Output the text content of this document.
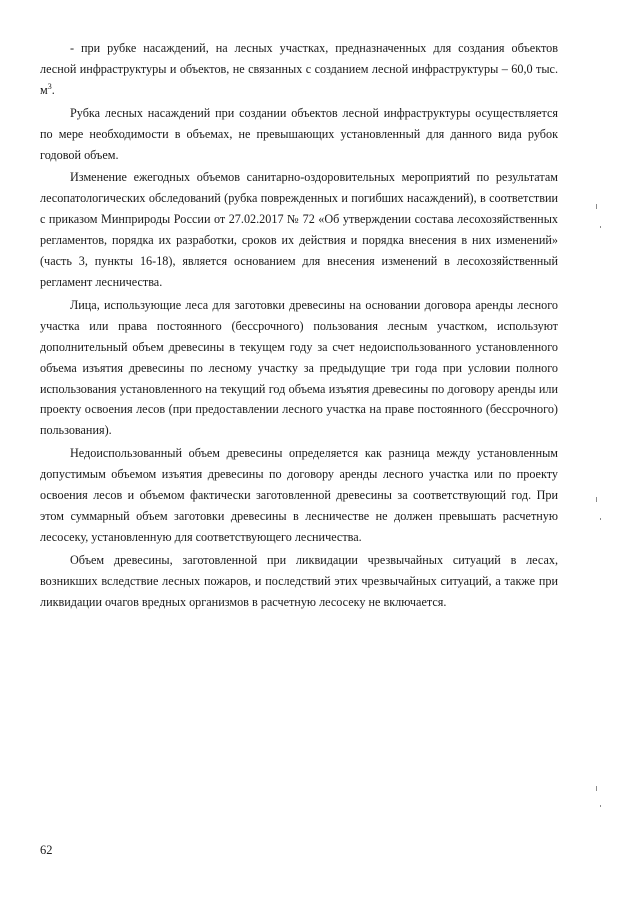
- при рубке насаждений, на лесных участках, предназначенных для создания объектов лесной инфраструктуры и объектов, не связанных с созданием лесной инфраструктуры – 60,0 тыс. $м^3$.

Рубка лесных насаждений при создании объектов лесной инфраструктуры осуществляется по мере необходимости в объемах, не превышающих установленный для данного вида рубок годовой объем.

Изменение ежегодных объемов санитарно-оздоровительных мероприятий по результатам лесопатологических обследований (рубка поврежденных и погибших насаждений), в соответствии с приказом Минприроды России от 27.02.2017 № 72 «Об утверждении состава лесохозяйственных регламентов, порядка их разработки, сроков их действия и порядка внесения в них изменений» (часть 3, пункты 16-18), является основанием для внесения изменений в лесохозяйственный регламент лесничества.

Лица, использующие леса для заготовки древесины на основании договора аренды лесного участка или права постоянного (бессрочного) пользования лесным участком, используют дополнительный объем древесины в текущем году за счет недоиспользованного установленного объема изъятия древесины по лесному участку за предыдущие три года при условии полного использования установленного на текущий год объема изъятия древесины по договору аренды или проекту освоения лесов (при предоставлении лесного участка на праве постоянного (бессрочного) пользования).

Недоиспользованный объем древесины определяется как разница между установленным допустимым объемом изъятия древесины по договору аренды лесного участка или по проекту освоения лесов и объемом фактически заготовленной древесины за соответствующий год. При этом суммарный объем заготовки древесины в лесничестве не должен превышать расчетную лесосеку, установленную для соответствующего лесничества.

Объем древесины, заготовленной при ликвидации чрезвычайных ситуаций в лесах, возникших вследствие лесных пожаров, и последствий этих чрезвычайных ситуаций, а также при ликвидации очагов вредных организмов в расчетную лесосеку не включается.

62
